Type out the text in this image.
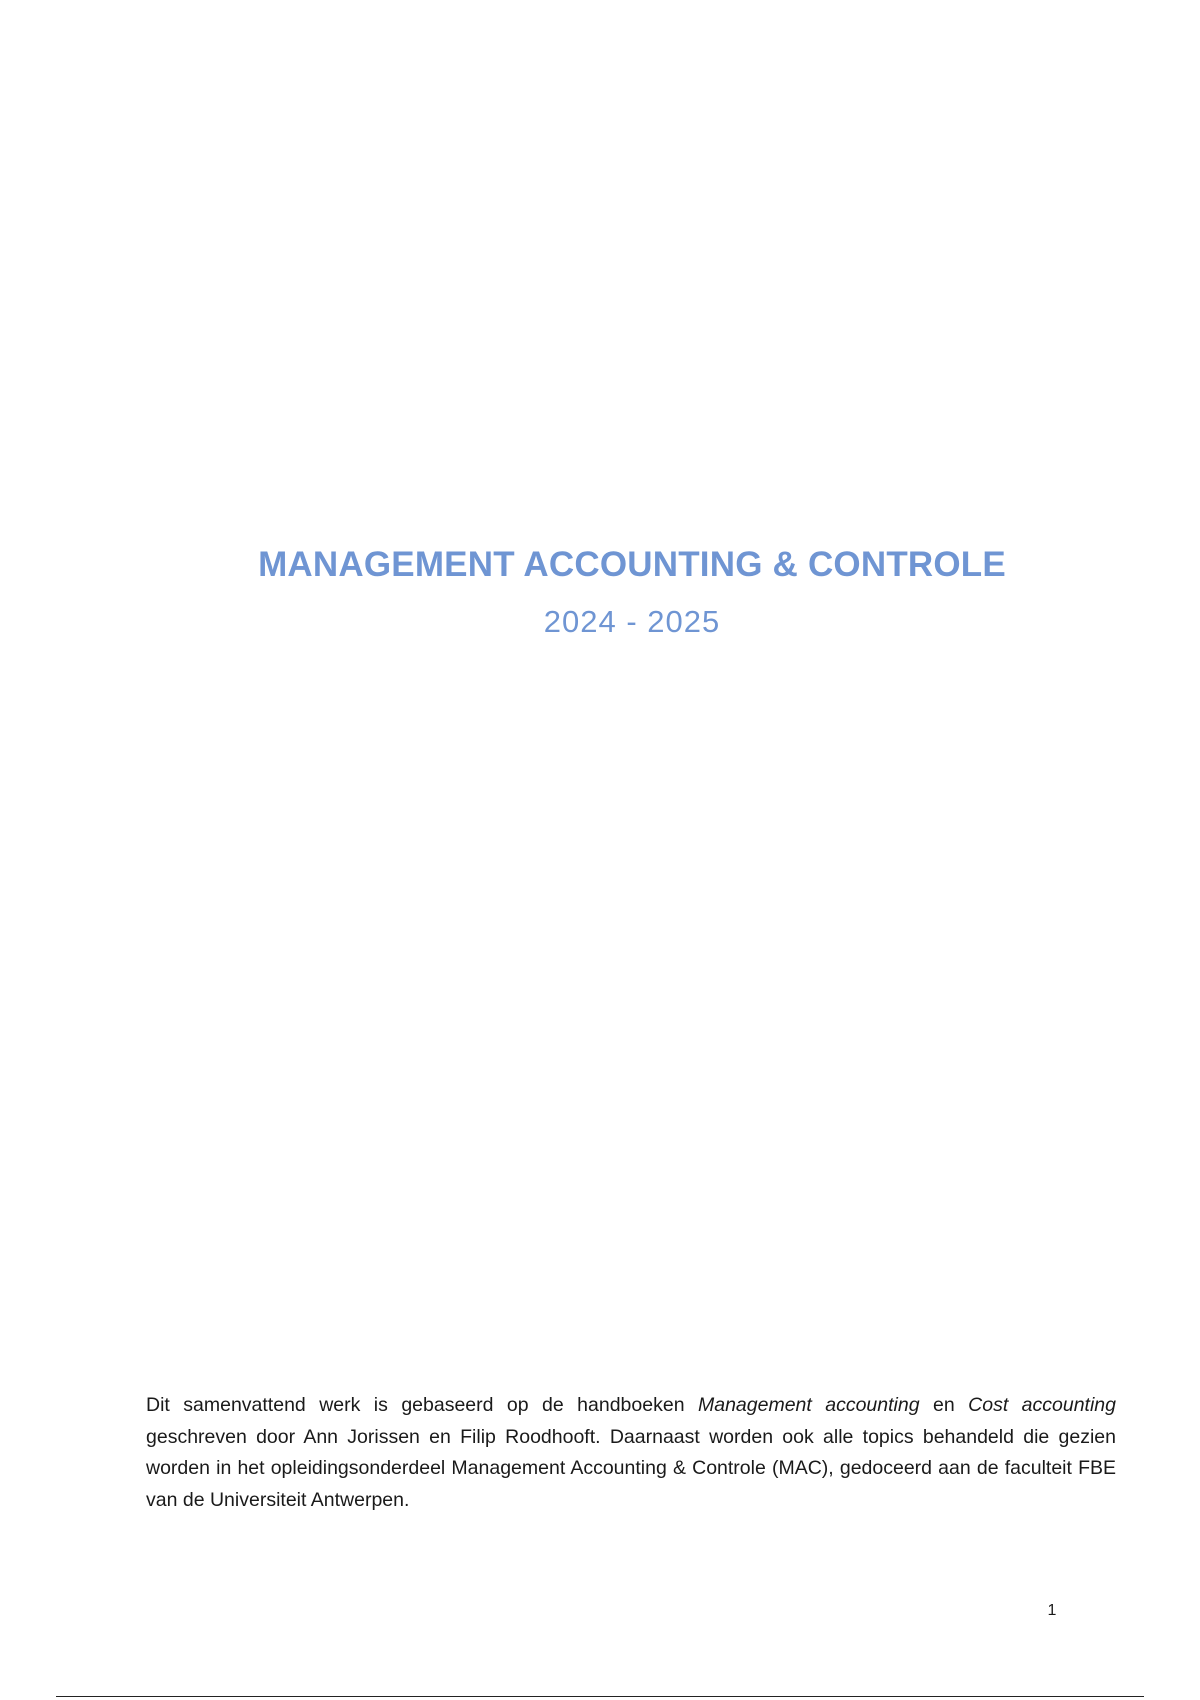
MANAGEMENT ACCOUNTING & CONTROLE
2024 - 2025

Dit samenvattend werk is gebaseerd op de handboeken Management accounting en Cost accounting geschreven door Ann Jorissen en Filip Roodhooft. Daarnaast worden ook alle topics behandeld die gezien worden in het opleidingsonderdeel Management Accounting & Controle (MAC), gedoceerd aan de faculteit FBE van de Universiteit Antwerpen.

1
